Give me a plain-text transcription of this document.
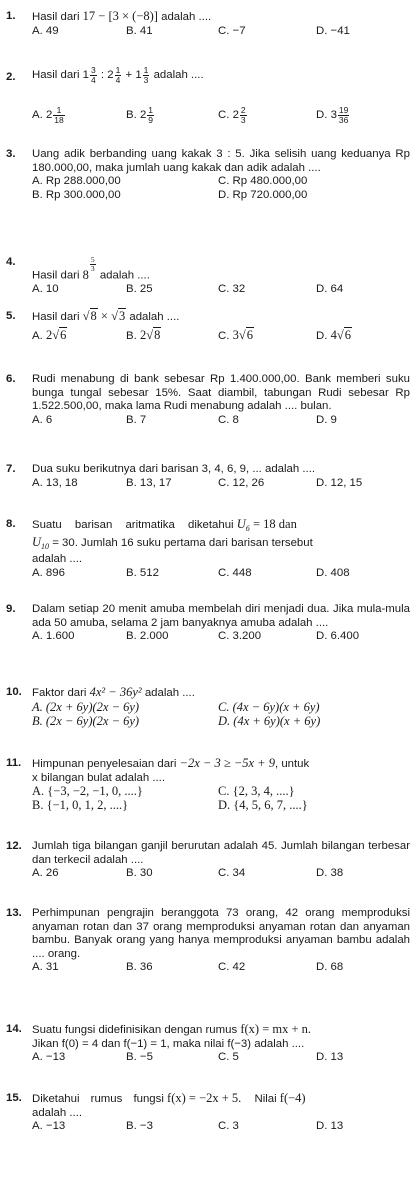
1.	Hasil dari 17 − [3 × (−8)] adalah ....
A. 49	B. 41	C. −7	D. −41
2.	Hasil dari $1 \frac{3}{4}$ : $2 \frac{1}{4} + 1 \frac{1}{3}$ adalah ....
A. $2 \frac{1}{18}$	B. $2 \frac{1}{9}$	C. $2 \frac{2}{3}$	D. $3 \frac{19}{36}$
3.	Uang adik berbanding uang kakak 3 : 5. Jika selisih uang keduanya Rp 180.000,00, maka jumlah uang kakak dan adik adalah ....
A. Rp 288.000,00	C. Rp 480.000,00
B. Rp 300.000,00	D. Rp 720.000,00
4.
Hasil dari 8
$\frac{5}{3}$
adalah ....
A. 10	B. 25	C. 32	D. 64
5.	Hasil dari √8 × √3 adalah ....
A. 2√6	B. 2√8	C. 3√6	D. 4√6
6.	Rudi menabung di bank sebesar Rp 1.400.000,00. Bank memberi suku bunga tungal sebesar 15%. Saat diambil, tabungan Rudi sebesar Rp 1.522.500,00, maka lama Rudi menabung adalah .... bulan.
A. 6	B. 7	C. 8	D. 9
7.	Dua suku berikutnya dari barisan 3, 4, 6, 9, ... adalah ....
A. 13, 18	B. 13, 17	C. 12, 26	D. 12, 15
8.	Suatu barisan aritmatika diketahui $U_6 = 18$ dan
$U_{10} = 30$. Jumlah 16 suku pertama dari barisan tersebut
adalah ....
A. 896	B. 512	C. 448	D. 408
9.	Dalam setiap 20 menit amuba membelah diri menjadi dua. Jika mula-mula ada 50 amuba, selama 2 jam banyaknya amuba adalah ....
A. 1.600	B. 2.000	C. 3.200	D. 6.400
10. Faktor dari 4x² − 36y² adalah ....
A. (2x + 6y)(2x − 6y)	C. (4x − 6y)(x + 6y)
B. (2x − 6y)(2x − 6y)	D. (4x + 6y)(x + 6y)
11. Himpunan penyelesaian dari −2x − 3 ≥ −5x + 9, untuk
x bilangan bulat adalah ....
A. {−3, −2, −1, 0, ....}	C. {2, 3, 4, ....}
B. {−1, 0, 1, 2, ....}	D. {4, 5, 6, 7, ....}
12. Jumlah tiga bilangan ganjil berurutan adalah 45. Jumlah bilangan terbesar dan terkecil adalah ....
A. 26	B. 30	C. 34	D. 38
13. Perhimpunan pengrajin beranggota 73 orang, 42 orang memproduksi anyaman rotan dan 37 orang memproduksi anyaman rotan dan anyaman bambu. Banyak orang yang hanya memproduksi anyaman bambu adalah .... orang.
A. 31	B. 36	C. 42	D. 68
14. Suatu fungsi didefinisikan dengan rumus f(x) = mx + n.
Jikan f(0) = 4 dan f(−1) = 1, maka nilai f(−3) adalah ....
A. −13	B. −5	C. 5	D. 13
15. Diketahui rumus fungsi f(x) = −2x + 5. Nilai f(−4)
adalah ....
A. −13	B. −3	C. 3	D. 13
